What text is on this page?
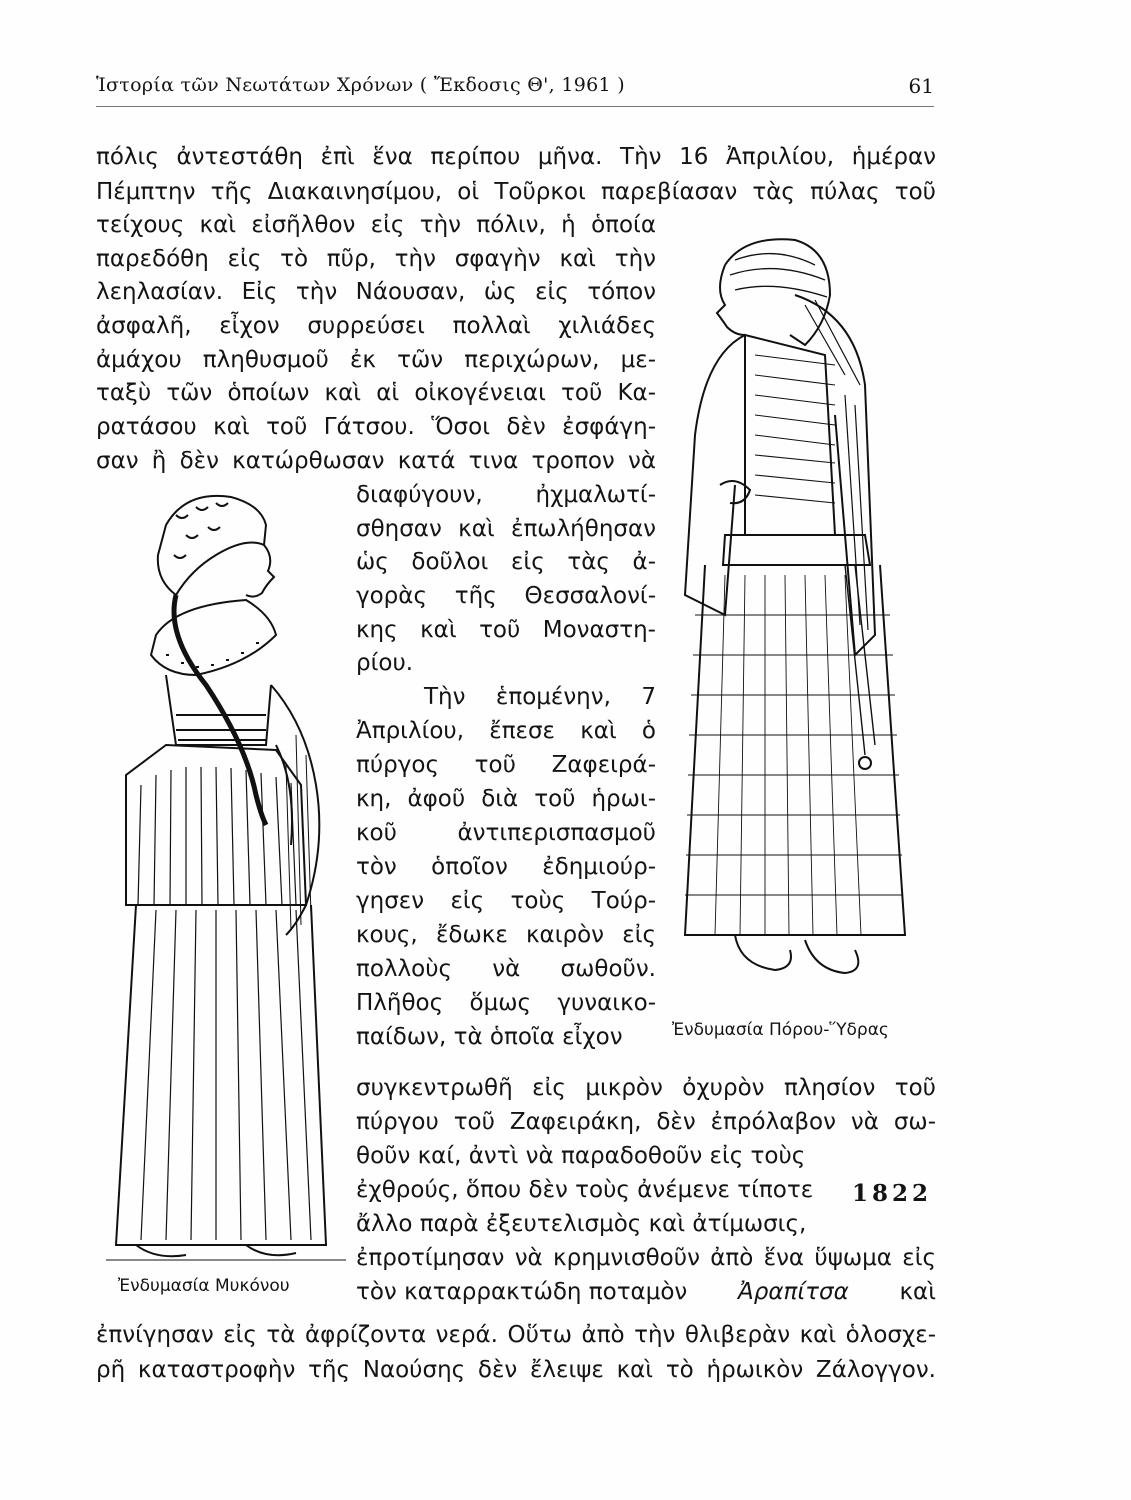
Ἱστορία τῶν Νεωτάτων Χρόνων ( Ἔκδοσις Θ', 1961 )	61
πόλις ἀντεστάθη ἐπὶ ἕνα περίπου μῆνα. Τὴν 16 Ἀπριλίου, ἡμέραν
Πέμπτην τῆς Διακαινησίμου, οἱ Τοῦρκοι παρεβίασαν τὰς πύλας τοῦ
τείχους καὶ εἰσῆλθον εἰς τὴν πόλιν, ἡ ὁποία
παρεδόθη εἰς τὸ πῦρ, τὴν σφαγὴν καὶ τὴν
λεηλασίαν. Εἰς τὴν Νάουσαν, ὡς εἰς τόπον
ἀσφαλῆ, εἶχον συρρεύσει πολλαὶ χιλιάδες
ἀμάχου πληθυσμοῦ ἐκ τῶν περιχώρων, με-
ταξὺ τῶν ὁποίων καὶ αἱ οἰκογένειαι τοῦ Κα-
ρατάσου καὶ τοῦ Γάτσου. Ὅσοι δὲν ἐσφάγη-
σαν ἢ δὲν κατώρθωσαν κατά τινα τροπον νὰ
διαφύγουν, ἠχμαλωτί-
σθησαν καὶ ἐπωλήθησαν
ὡς δοῦλοι εἰς τὰς ἀ-
γορὰς τῆς Θεσσαλονί-
κης καὶ τοῦ Μοναστη-
ρίου.
Τὴν ἑπομένην, 7
Ἀπριλίου, ἔπεσε καὶ ὁ
πύργος τοῦ Ζαφειρά-
κη, ἀφοῦ διὰ τοῦ ἡρωι-
κοῦ ἀντιπερισπασμοῦ
τὸν ὁποῖον ἐδημιούρ-
γησεν εἰς τοὺς Τούρ-
κους, ἔδωκε καιρὸν εἰς
πολλοὺς νὰ σωθοῦν.
Πλῆθος ὅμως γυναικο-
παίδων, τὰ ὁποῖα εἶχον
συγκεντρωθῆ εἰς μικρὸν ὀχυρὸν πλησίον τοῦ
πύργου τοῦ Ζαφειράκη, δὲν ἐπρόλαβον νὰ σω-
θοῦν καί, ἀντὶ νὰ παραδοθοῦν εἰς τοὺς
ἐχθρούς, ὅπου δὲν τοὺς ἀνέμενε τίποτε
ἄλλο παρὰ ἐξευτελισμὸς καὶ ἀτίμωσις,
ἐπροτίμησαν νὰ κρημνισθοῦν ἀπὸ ἕνα ὕψωμα εἰς
τὸν καταρρακτώδη ποταμὸν Ἀραπίτσα καὶ
ἐπνίγησαν εἰς τὰ ἀφρίζοντα νερά. Οὕτω ἀπὸ τὴν θλιβερὰν καὶ ὁλοσχε-
ρῆ καταστροφὴν τῆς Ναούσης δὲν ἔλειψε καὶ τὸ ἡρωικὸν Ζάλογγον.
1822
Ἐνδυμασία Μυκόνου
Ἐνδυμασία Πόρου-Ὕδρας
